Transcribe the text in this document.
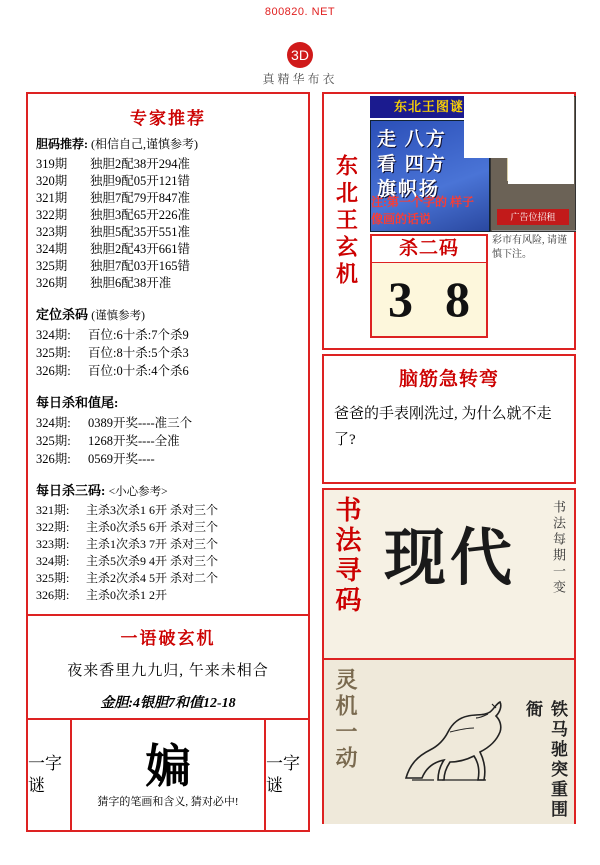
800820. NET
3D
真精华布衣
专家推荐
胆码推荐: (相信自己,谨慎参考)
319期 独胆2配38开294准
320期 独胆9配05开121错
321期 独胆7配79开847准
322期 独胆3配65开226准
323期 独胆5配35开551准
324期 独胆2配43开661错
325期 独胆7配03开165错
326期 独胆6配38开准
定位杀码 (谨慎参考)
324期: 百位:6十杀:7个杀9
325期: 百位:8十杀:5个杀3
326期: 百位:0十杀:4个杀6
每日杀和值尾:
324期: 0389开奖----准三个
325期: 1268开奖----全准
326期: 0569开奖----
每日杀三码: <小心参考>
321期: 主杀3次杀1 6开 杀对三个
322期: 主杀0次杀5 6开 杀对三个
323期: 主杀1次杀3 7开 杀对三个
324期: 主杀5次杀9 4开 杀对三个
325期: 主杀2次杀4 5开 杀对二个
326期: 主杀0次杀1 2开
一语破玄机
夜来香里九九归, 午来未相合
金胆:4银胆7和值12-18
一字谜	媥
猜字的笔画和含义, 猜对必中!
一字谜
东北王玄机
东北王图谜
走 八方
看 四方
旗帜扬
注:第一个字的 样子像画的话说	广告位招租
杀二码
3 8
彩市有风险, 请谨慎下注。
脑筋急转弯
爸爸的手表刚洗过, 为什么就不走了?
书法寻码 现代	书法每期一变
灵机一动	铁马驰突重围衙
